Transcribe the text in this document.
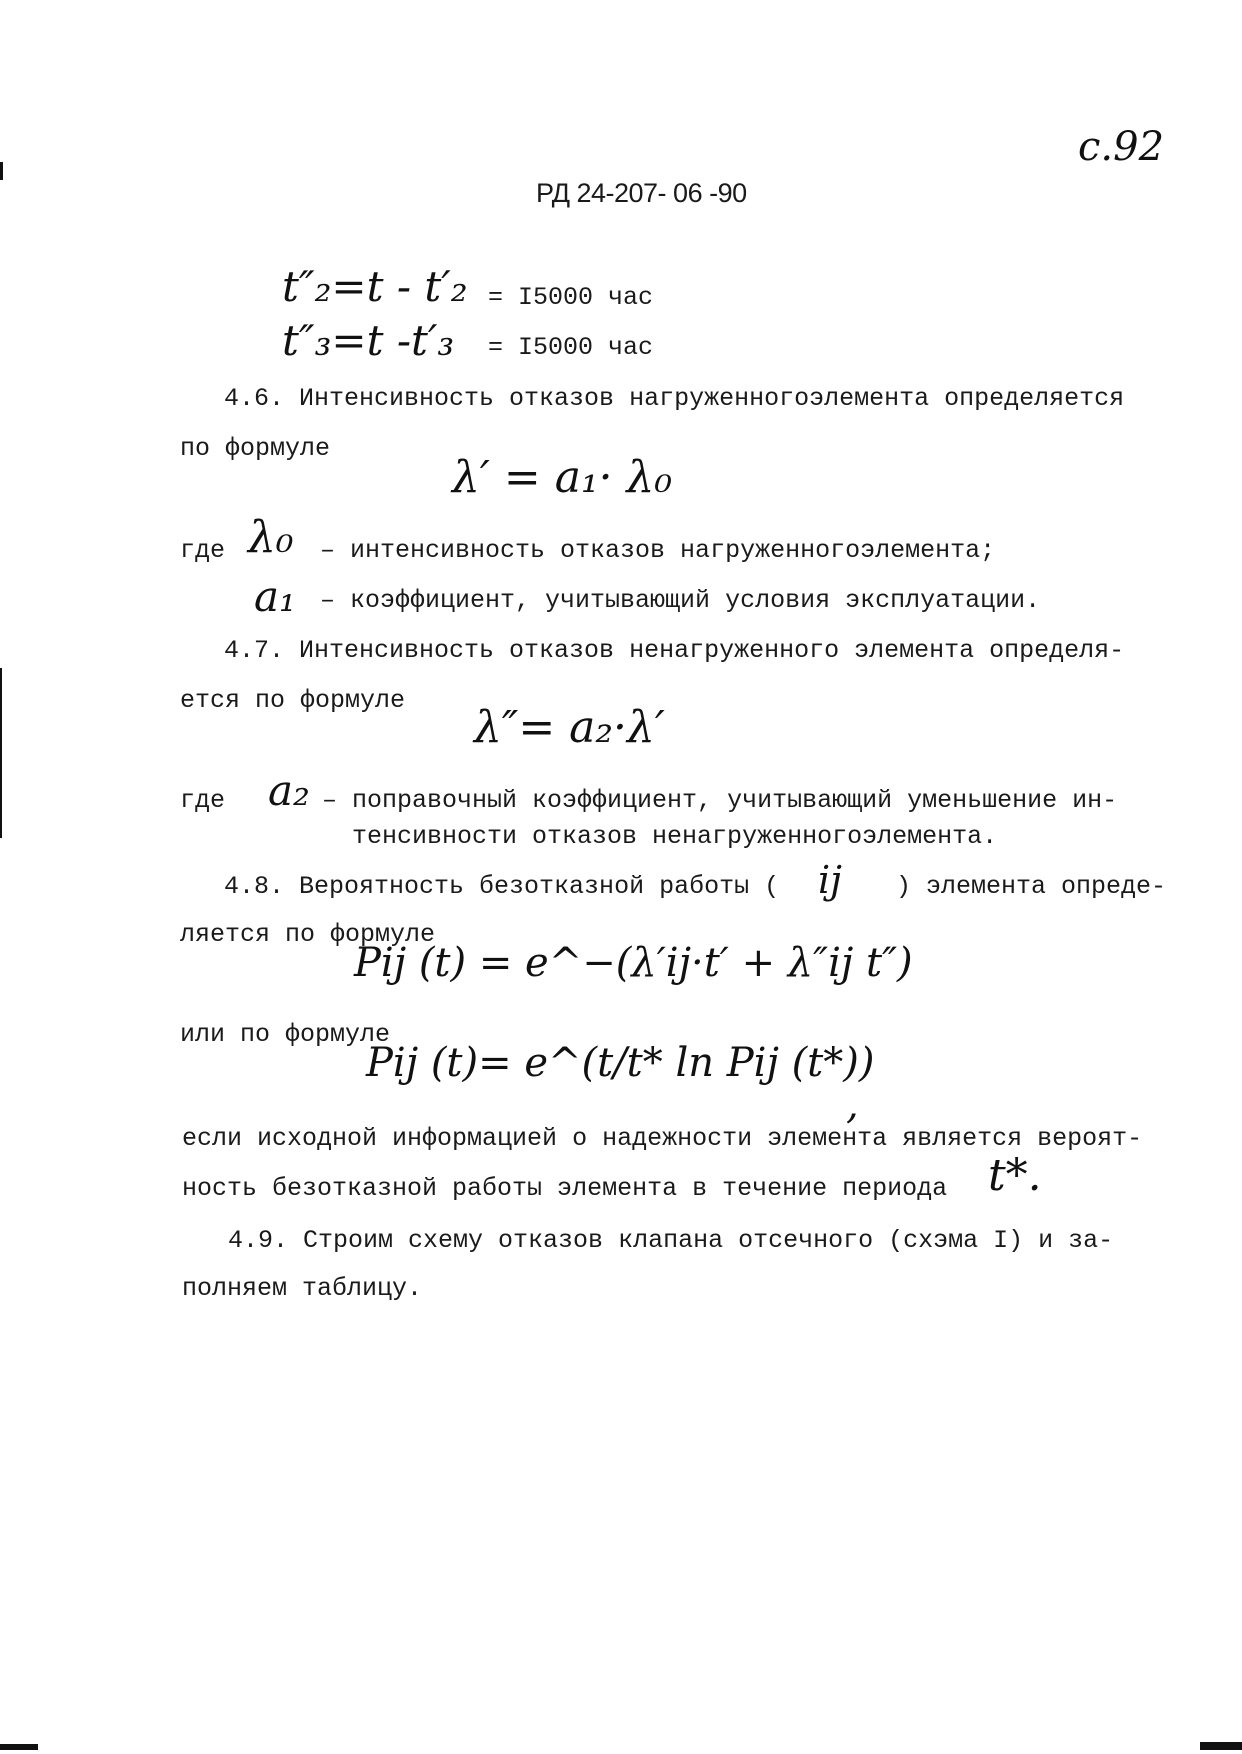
с.92
РД 24-207- 06 -90
t″₂=t - t′₂ = I5000 час
t″₃=t -t′₃ = I5000 час
4.6. Интенсивность отказов нагруженногоэлемента определяется
по формуле
λ′ = a₁· λ₀
где λ₀ – интенсивность отказов нагруженногоэлемента;
a₁ – коэффициент, учитывающий условия эксплуатации.
4.7. Интенсивность отказов ненагруженного элемента определя-
ется по формуле
λ″= a₂·λ′
где a₂ – поправочный коэффициент, учитывающий уменьшение ин-
тенсивности отказов ненагруженногоэлемента.
4.8. Вероятность безотказной работы ( ij ) элемента опреде-
ляется по формуле
Pij (t) = e^−(λ′ij·t′ + λ″ij t″)
или по формуле
Pij (t)= e^(t/t* ln Pij (t*))
,
если исходной информацией о надежности элемента является вероят-
ность безотказной работы элемента в течение периода t*.
4.9. Строим схему отказов клапана отсечного (схэма I) и за-
полняем таблицу.
